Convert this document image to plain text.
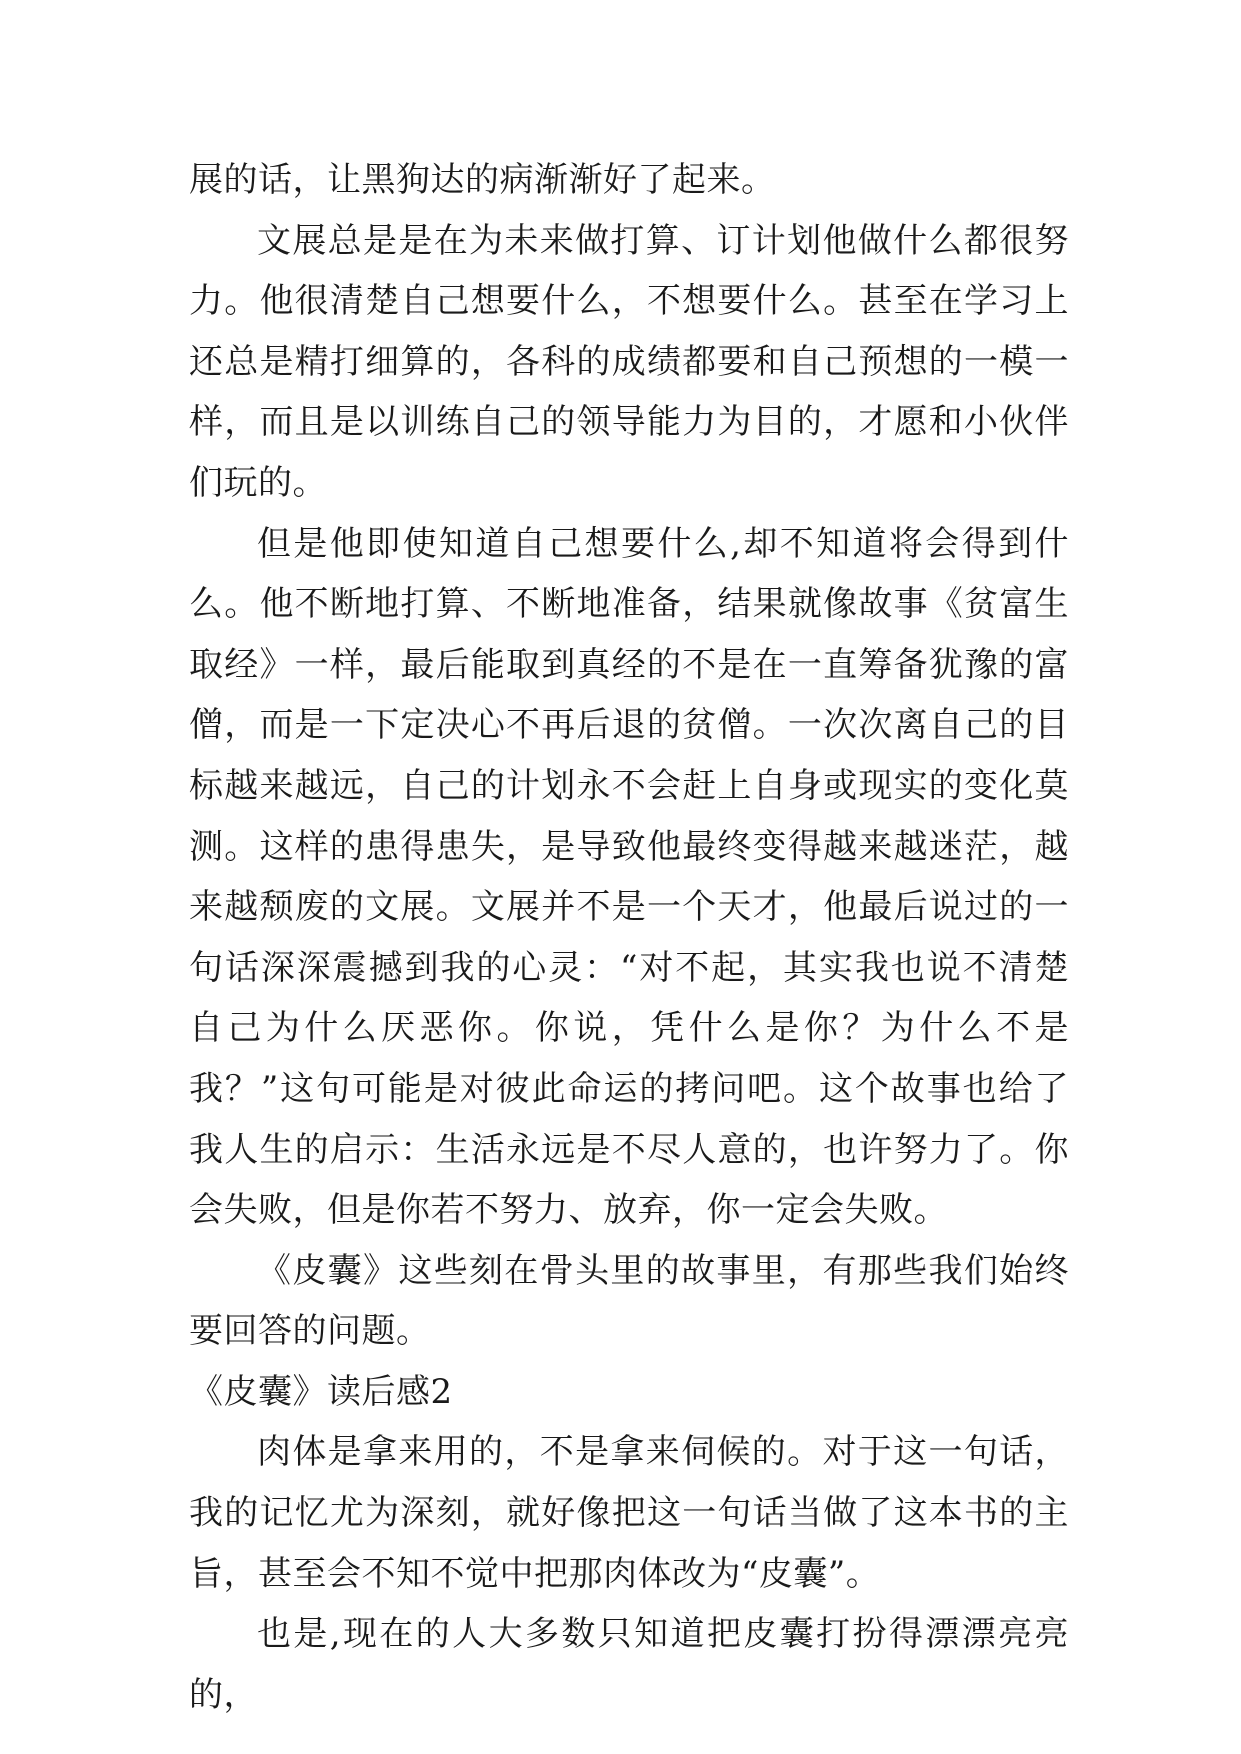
展的话，让黑狗达的病渐渐好了起来。

文展总是是在为未来做打算、订计划他做什么都很努力。他很清楚自己想要什么，不想要什么。甚至在学习上还总是精打细算的，各科的成绩都要和自己预想的一模一样，而且是以训练自己的领导能力为目的，才愿和小伙伴们玩的。

但是他即使知道自己想要什么,却不知道将会得到什么。他不断地打算、不断地准备，结果就像故事《贫富生取经》一样，最后能取到真经的不是在一直筹备犹豫的富僧，而是一下定决心不再后退的贫僧。一次次离自己的目标越来越远，自己的计划永不会赶上自身或现实的变化莫测。这样的患得患失，是导致他最终变得越来越迷茫，越来越颓废的文展。文展并不是一个天才，他最后说过的一句话深深震撼到我的心灵：“对不起，其实我也说不清楚自己为什么厌恶你。你说，凭什么是你？为什么不是我？”这句可能是对彼此命运的拷问吧。这个故事也给了我人生的启示：生活永远是不尽人意的，也许努力了。你会失败，但是你若不努力、放弃，你一定会失败。

《皮囊》这些刻在骨头里的故事里，有那些我们始终要回答的问题。

《皮囊》读后感2

肉体是拿来用的，不是拿来伺候的。对于这一句话，我的记忆尤为深刻，就好像把这一句话当做了这本书的主旨，甚至会不知不觉中把那肉体改为“皮囊”。

也是,现在的人大多数只知道把皮囊打扮得漂漂亮亮的，
